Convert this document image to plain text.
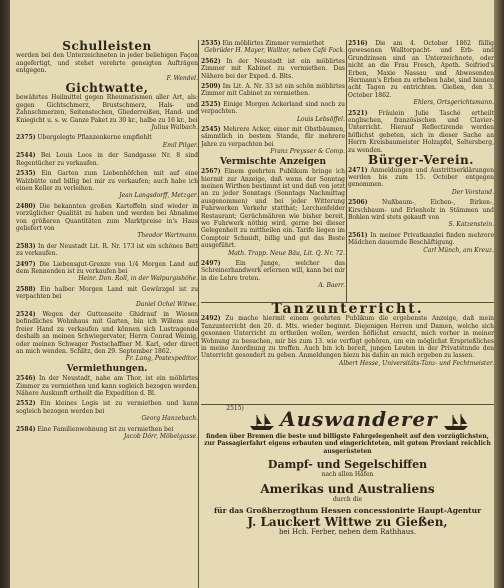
Schulleisten
werden bei den Unterzeichneten in jeder beliebigen Façon angefertigt, und stehet verehrte geneigten Aufträgen entgegen.
F. Wendel.
Gichtwatte,
bewährtes Heilmittel gegen Rheumatismen aller Art, als: gegen Gichtschmerz, Brustschmerz, Hals- und Zahnschmerzen, Seitenstechen, Gliederreißen, Hand- und Kniegicht u. s. w. Ganze Paket zu 30 kr., halbe zu 16 kr., bei
Julius Walbach.
2375) Ubergelegte Pflanzenkerne empfiehlt
Emil Pilger.
2544) Bei Louis Loos in der Sandgasse Nr. 8 sind Regentücher zu verkaufen.
2535) Ein Garten zum Liebenhöfchen mit auf eine Walzbütte und billig bei mir zu verkaufen; auch habe ich einen Keller zu verleihen.
Jean Langsdorff, Metzger.
2480) Die bekannten großen Kartoffeln sind wieder in vorzüglicher Qualität zu haben und werden bei Abnahme von größeren Quantitäten zum Marktpreise in's Haus geliefert von
Theodor Wartmann.
2583) In der Neustadt Lit. R. Nr. 173 ist ein schönes Bett zu verkaufen.
2497) Die Liebensgut-Grenze von 1/4 Morgen Land auf dem Rennenden ist zu verkaufen bei
Heinr. Don. Roll, in der Walpurgishöhe.
2588) Ein halber Morgen Land mit Gewürzgel ist zu verpachten bei
Daniel Ochel Witwe.
2524) Wegen der Guttenseite Ghidrauf in Wiesen befindliches Wohnhaus mit Garten, bin ich Willens aus freier Hand zu verkaufen und können sich Lustragende deshalb an meinen Schwiegervater, Herrn Conrad Weinig, oder meinen Schwager Postschaffner M. Karl, oder direct an mich wenden. Schlitz, den 29. September 1862.
Fr. Lang, Postexpeditor.
Vermiethungen.
2546) In der Neustadt, nahe am Thor, ist ein möblirtes Zimmer zu vermiethen und kann sogleich bezogen werden. Nähere Auskunft ertheilt die Expedition d. Bl.
2552) Ein kleines Logis ist zu vermiethen und kann sogleich bezogen werden bei
Georg Hanzebach.
2584) Eine Familienwohnung ist zu vermiethen bei
Jacob Dörr, Möbelgasse.
2535) Ein möblirtes Zimmer vermiethet
Gebrüder H. Mayer, Walltor, neben Café Fock.
2562) In der Neustadt ist ein möblirtes Zimmer mit Kabinet zu vermiethen. Das Nähere bei der Exped. d. Blts.
2509) Im Lit. A. Nr. 33 ist ein schön möblirtes Zimmer mit Cabinet zu vermiethen.
2525) Einige Morgen Ackerland sind noch zu verpachten.
Louis Lebsöffel.
2545) Mehrere Acker, einer mit Obstbäumen, sämmtlich in bestem Stande, für mehrere Jahre zu verpachten bei
Franz Preysser & Comp.
Vermischte Anzeigen
2567) Einem geehrten Publikum bringe ich hiermit zur Anzeige, daß wenn der Sonntag meinen Wirthen bestimmt ist und daß von jetzt an zu jeder Sonntags (Sonntags Nachmittag ausgenommen) und bei jeder Witterung Fuhrwerken Verkehr statthat; Lerchenfelder Restaurant; Gerüchmähren wie bisher bereit, wo Fuhrwerk nöthig wird, gerne bei dieser Gelegenheit zu mittheilen ein. Tarife liegen im Comptoir Schmidt, billig und gut das Beste ausgeführt.
Math. Trapp. Neue Bäu, Lit. Q. Nr. 72.
2497)	Ein Junge, welcher das Schreinerhandwerk erlernen will, kann bei mir in die Lehre treten.
A. Baerr.
2516) Die am 4. October 1862 fällig gewesenen Walltorpacht- und Erb- und Grundzinsen sind an Unterzeichnete, oder nicht an die Frau Fresch, Apoth. Seifried's Erben, Maxie Nassau und Abwesenden Hermann's Erben zu erheben habe, sind binnen acht Tagen zu entrichten. Gießen, den 3. October 1862.
Ehlers, Ortsgerichtsmann.
2521) Fräulein Julie Tasché ertheilt englischen, französischen und Clavier-Unterricht. Hierauf Reflectirende werden höflichst gebeten, sich in dieser Sache an Herrn Kreisbaumeister Holzapfel, Seltersberg, zu wenden.
Bürger-Verein.
2471) Anmeldungen und Austrittserklärungen werden bis zum 15. October entgegen genommen.
Der Vorstand.
2506) Nußbaum-, Eichen-, Birken-, Kirschbaum- und Erlenholz in Stämmen und Bohlen wird stets gekauft von
S. Katzenstein.
2561) In meiner Privatkanzlei finden mehrere Mädchen dauernde Beschäftigung.
Carl Münch, am Kreuz.
Tanzunterricht.
2492) Zu mache hiermit einem geehrten Publikum die ergebenste Anzeige, daß mein Tanzunterricht den 20. d. Mts. wieder beginnt. Diejenigen Herren und Damen, welche sich gesonnen Unterricht zu ertheilen wollen, werden höflichst ersucht, mich vorher in meiner Wohnung zu besuchen, mir bis zum 13. wie verfügt gehören, um ein möglichst Ersprießliches in meine Anordnung zu treffen. Auch bin ich bereit, jungen Leuten in der Privatstunde den Unterricht gesondert zu geben. Anmeldungen hiezu bis dahin an mich ergeben zu lassen.
Albert Hesse, Universitäts-Tanz- und Fechtmeister.
$^{2515)}$ Auswanderer
finden über Bremen die beste und billigste Fahrgelegenheit auf den vorzüglichsten, zur Passagierfahrt eigens erbauten und eingerichteten, mit gutem Proviant reichlich ausgerüsteten
Dampf- und Segelschiffen
nach allen Häfen
Amerikas und Australiens
durch die
für das Großherzogthum Hessen concessionirte Haupt-Agentur
J. Lauckert Wittwe zu Gießen,
bei Hch. Ferber, neben dem Rathhaus.
